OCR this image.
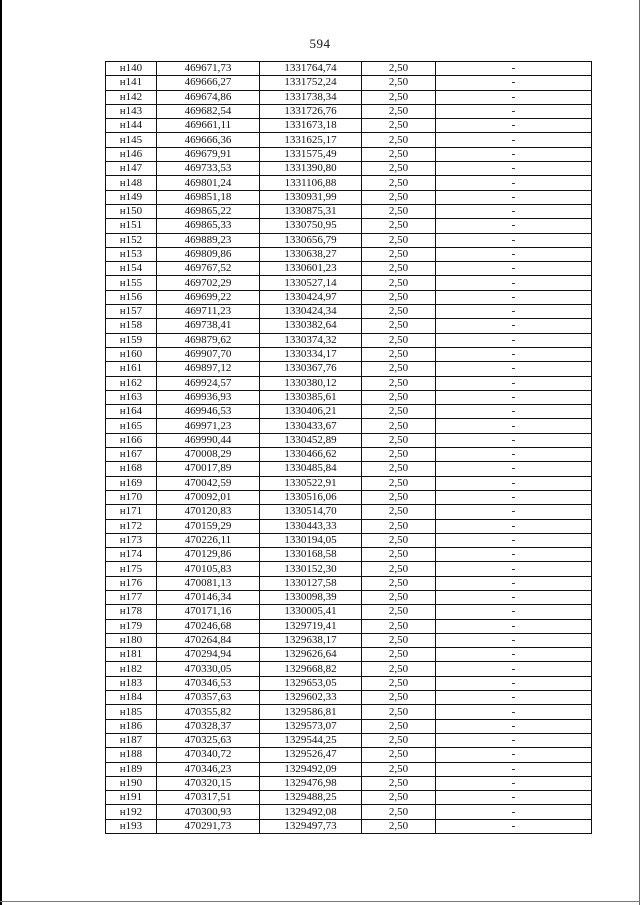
594
н140	469671,73	1331764,74	2,50	-
н141	469666,27	1331752,24	2,50	-
н142	469674,86	1331738,34	2,50	-
н143	469682,54	1331726,76	2,50	-
н144	469661,11	1331673,18	2,50	-
н145	469666,36	1331625,17	2,50	-
н146	469679,91	1331575,49	2,50	-
н147	469733,53	1331390,80	2,50	-
н148	469801,24	1331106,88	2,50	-
н149	469851,18	1330931,99	2,50	-
н150	469865,22	1330875,31	2,50	-
н151	469865,33	1330750,95	2,50	-
н152	469889,23	1330656,79	2,50	-
н153	469809,86	1330638,27	2,50	-
н154	469767,52	1330601,23	2,50	-
н155	469702,29	1330527,14	2,50	-
н156	469699,22	1330424,97	2,50	-
н157	469711,23	1330424,34	2,50	-
н158	469738,41	1330382,64	2,50	-
н159	469879,62	1330374,32	2,50	-
н160	469907,70	1330334,17	2,50	-
н161	469897,12	1330367,76	2,50	-
н162	469924,57	1330380,12	2,50	-
н163	469936,93	1330385,61	2,50	-
н164	469946,53	1330406,21	2,50	-
н165	469971,23	1330433,67	2,50	-
н166	469990,44	1330452,89	2,50	-
н167	470008,29	1330466,62	2,50	-
н168	470017,89	1330485,84	2,50	-
н169	470042,59	1330522,91	2,50	-
н170	470092,01	1330516,06	2,50	-
н171	470120,83	1330514,70	2,50	-
н172	470159,29	1330443,33	2,50	-
н173	470226,11	1330194,05	2,50	-
н174	470129,86	1330168,58	2,50	-
н175	470105,83	1330152,30	2,50	-
н176	470081,13	1330127,58	2,50	-
н177	470146,34	1330098,39	2,50	-
н178	470171,16	1330005,41	2,50	-
н179	470246,68	1329719,41	2,50	-
н180	470264,84	1329638,17	2,50	-
н181	470294,94	1329626,64	2,50	-
н182	470330,05	1329668,82	2,50	-
н183	470346,53	1329653,05	2,50	-
н184	470357,63	1329602,33	2,50	-
н185	470355,82	1329586,81	2,50	-
н186	470328,37	1329573,07	2,50	-
н187	470325,63	1329544,25	2,50	-
н188	470340,72	1329526,47	2,50	-
н189	470346,23	1329492,09	2,50	-
н190	470320,15	1329476,98	2,50	-
н191	470317,51	1329488,25	2,50	-
н192	470300,93	1329492,08	2,50	-
н193	470291,73	1329497,73	2,50	-
